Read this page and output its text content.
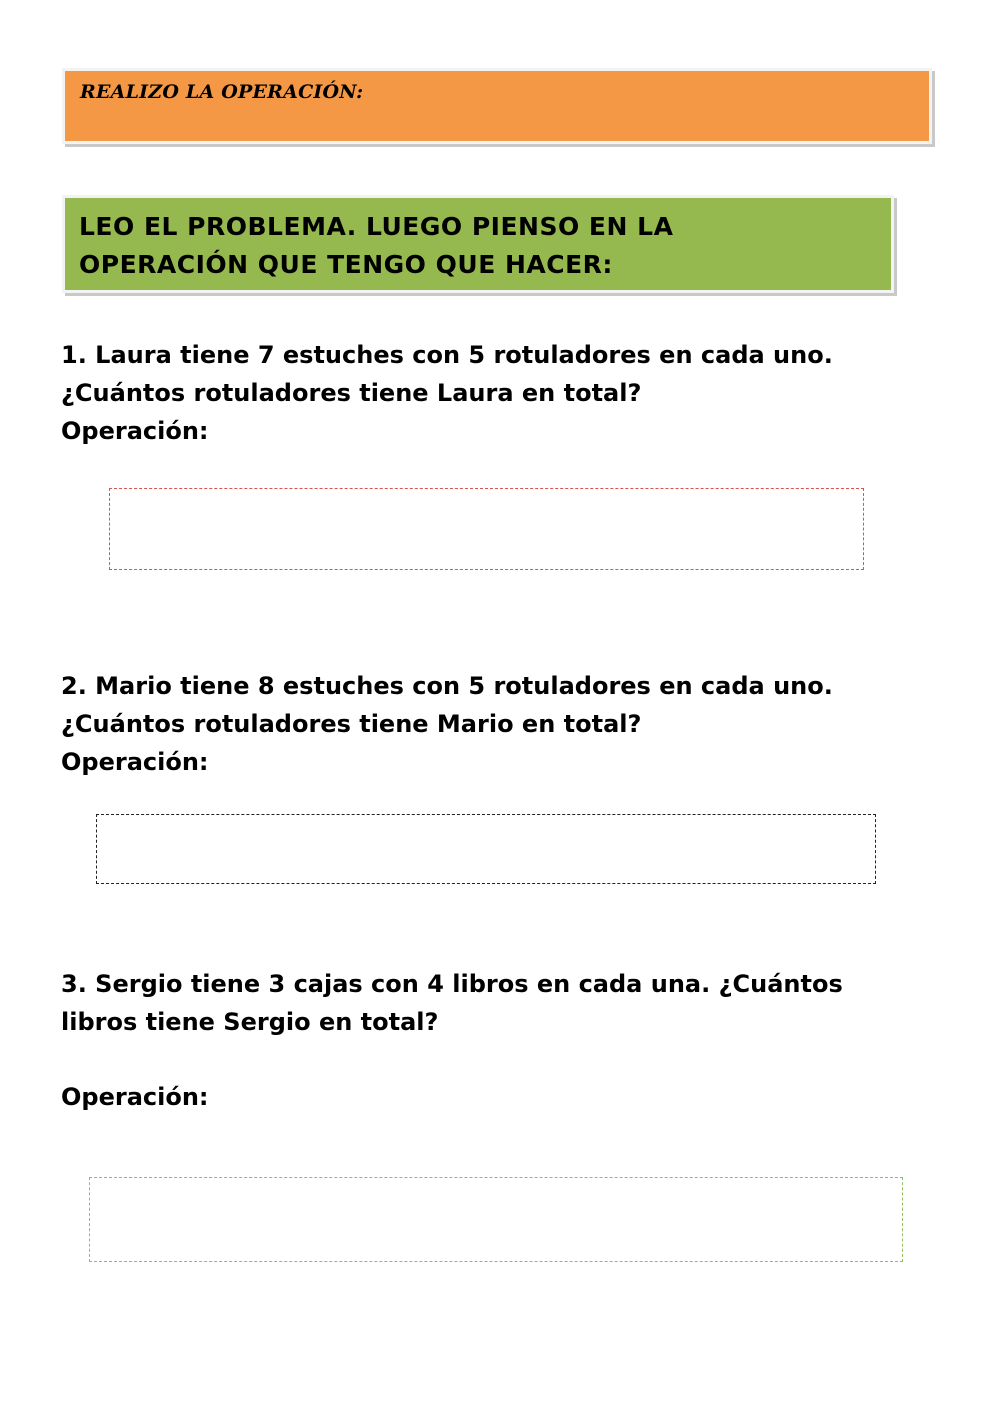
REALIZO LA OPERACIÓN:
LEO EL PROBLEMA. LUEGO PIENSO EN LA
OPERACIÓN QUE TENGO QUE HACER:
1. Laura tiene 7 estuches con 5 rotuladores en cada uno.
¿Cuántos rotuladores tiene Laura en total?
Operación:
2. Mario tiene 8 estuches con 5 rotuladores en cada uno.
¿Cuántos rotuladores tiene Mario en total?
Operación:
3. Sergio tiene 3 cajas con 4 libros en cada una. ¿Cuántos
libros tiene Sergio en total?
Operación:
